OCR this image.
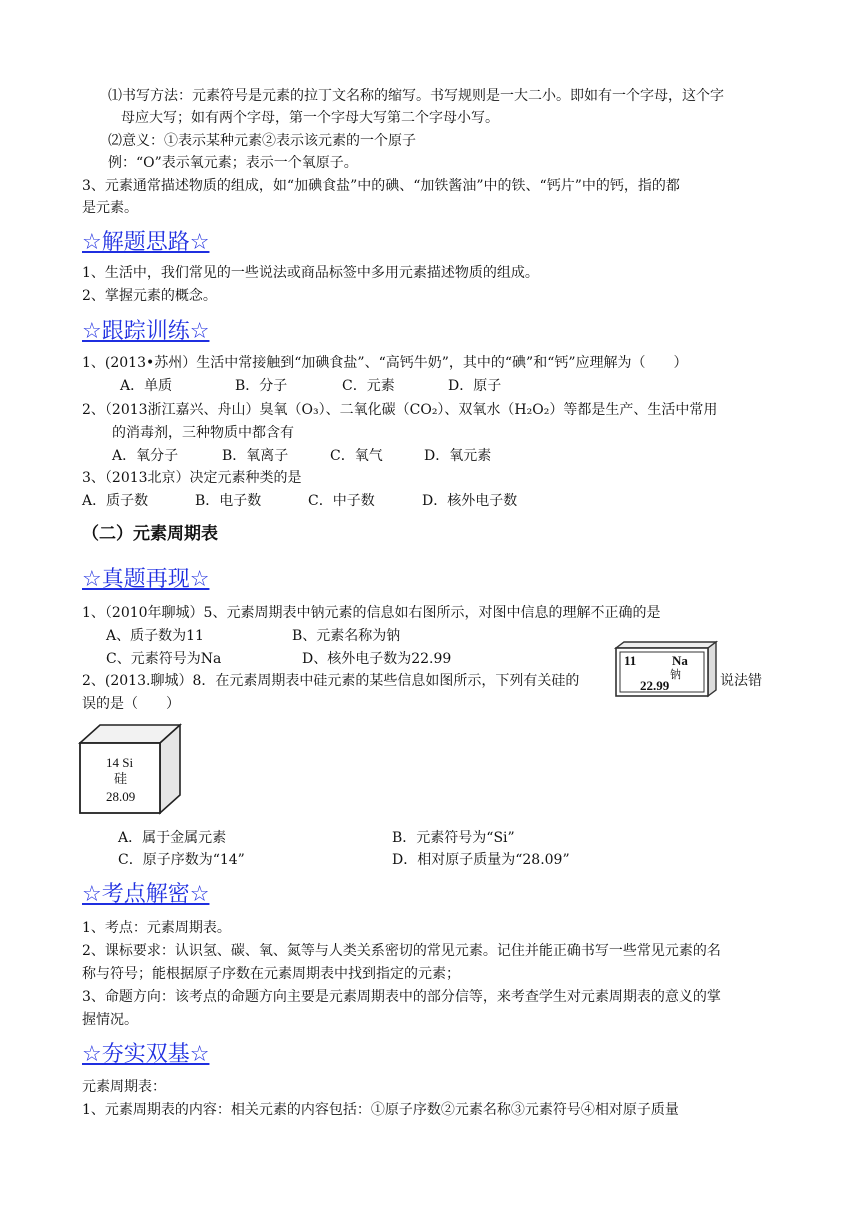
⑴书写方法：元素符号是元素的拉丁文名称的缩写。书写规则是一大二小。即如有一个字母，这个字
母应大写；如有两个字母，第一个字母大写第二个字母小写。
⑵意义：①表示某种元素②表示该元素的一个原子
例：“O”表示氧元素；表示一个氧原子。
3、元素通常描述物质的组成，如“加碘食盐”中的碘、“加铁酱油”中的铁、“钙片”中的钙，指的都
是元素。
☆解题思路☆
1、生活中，我们常见的一些说法或商品标签中多用元素描述物质的组成。
2、掌握元素的概念。
☆跟踪训练☆
1、(2013•苏州）生活中常接触到“加碘食盐”、“高钙牛奶”，其中的“碘”和“钙”应理解为（　　）
A．单质	B．分子	C．元素	D．原子
2、（2013浙江嘉兴、舟山）臭氧（O₃）、二氧化碳（CO₂）、双氧水（H₂O₂）等都是生产、生活中常用
的消毒剂，三种物质中都含有
A．氧分子	B．氧离子	C．氧气	D．氧元素
3、（2013北京）决定元素种类的是
A．质子数	B．电子数	C．中子数	D．核外电子数
（二）元素周期表
☆真题再现☆
1、（2010年聊城）5、元素周期表中钠元素的信息如右图所示，对图中信息的理解不正确的是
A、质子数为11	B、元素名称为钠
C、元素符号为Na	D、核外电子数为22.99
2、(2013.聊城）8．在元素周期表中硅元素的某些信息如图所示，下列有关硅的	说法错
误的是（　　）
11	Na
钠
22.99
14 Si
硅
28.09
A．属于金属元素	B．元素符号为“Si”
C．原子序数为“14”	D．相对原子质量为“28.09”
☆考点解密☆
1、考点：元素周期表。
2、课标要求：认识氢、碳、氧、氮等与人类关系密切的常见元素。记住并能正确书写一些常见元素的名
称与符号；能根据原子序数在元素周期表中找到指定的元素；
3、命题方向：该考点的命题方向主要是元素周期表中的部分信等，来考查学生对元素周期表的意义的掌
握情况。
☆夯实双基☆
元素周期表：
1、元素周期表的内容：相关元素的内容包括：①原子序数②元素名称③元素符号④相对原子质量
